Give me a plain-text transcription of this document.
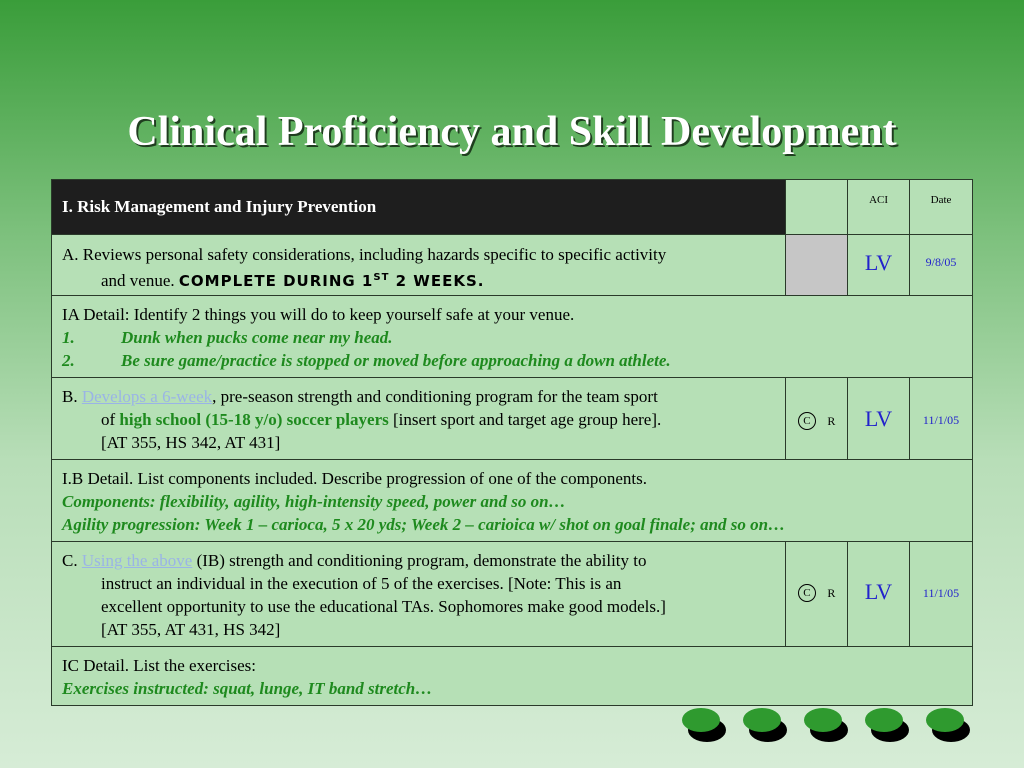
Clinical Proficiency and Skill Development
I. Risk Management and Injury Prevention		ACI	Date

A. Reviews personal safety considerations, including hazards specific to specific activity
and venue. COMPLETE DURING 1ST 2 WEEKS.		LV	9/8/05

IA Detail: Identify 2 things you will do to keep yourself safe at your venue.
1. Dunk when pucks come near my head.
2. Be sure game/practice is stopped or moved before approaching a down athlete.			

B. Develops a 6-week, pre-season strength and conditioning program for the team sport
of high school (15-18 y/o) soccer players [insert sport and target age group here].
[AT 355, HS 342, AT 431]	C R	LV	11/1/05

I.B Detail. List components included. Describe progression of one of the components.
Components: flexibility, agility, high-intensity speed, power and so on…
Agility progression: Week 1 – carioca, 5 x 20 yds; Week 2 – carioica w/ shot on goal finale; and so on…			

C. Using the above (IB) strength and conditioning program, demonstrate the ability to
instruct an individual in the execution of 5 of the exercises. [Note: This is an
excellent opportunity to use the educational TAs. Sophomores make good models.]
[AT 355, AT 431, HS 342]	C R	LV	11/1/05

IC Detail. List the exercises:
Exercises instructed: squat, lunge, IT band stretch…			
